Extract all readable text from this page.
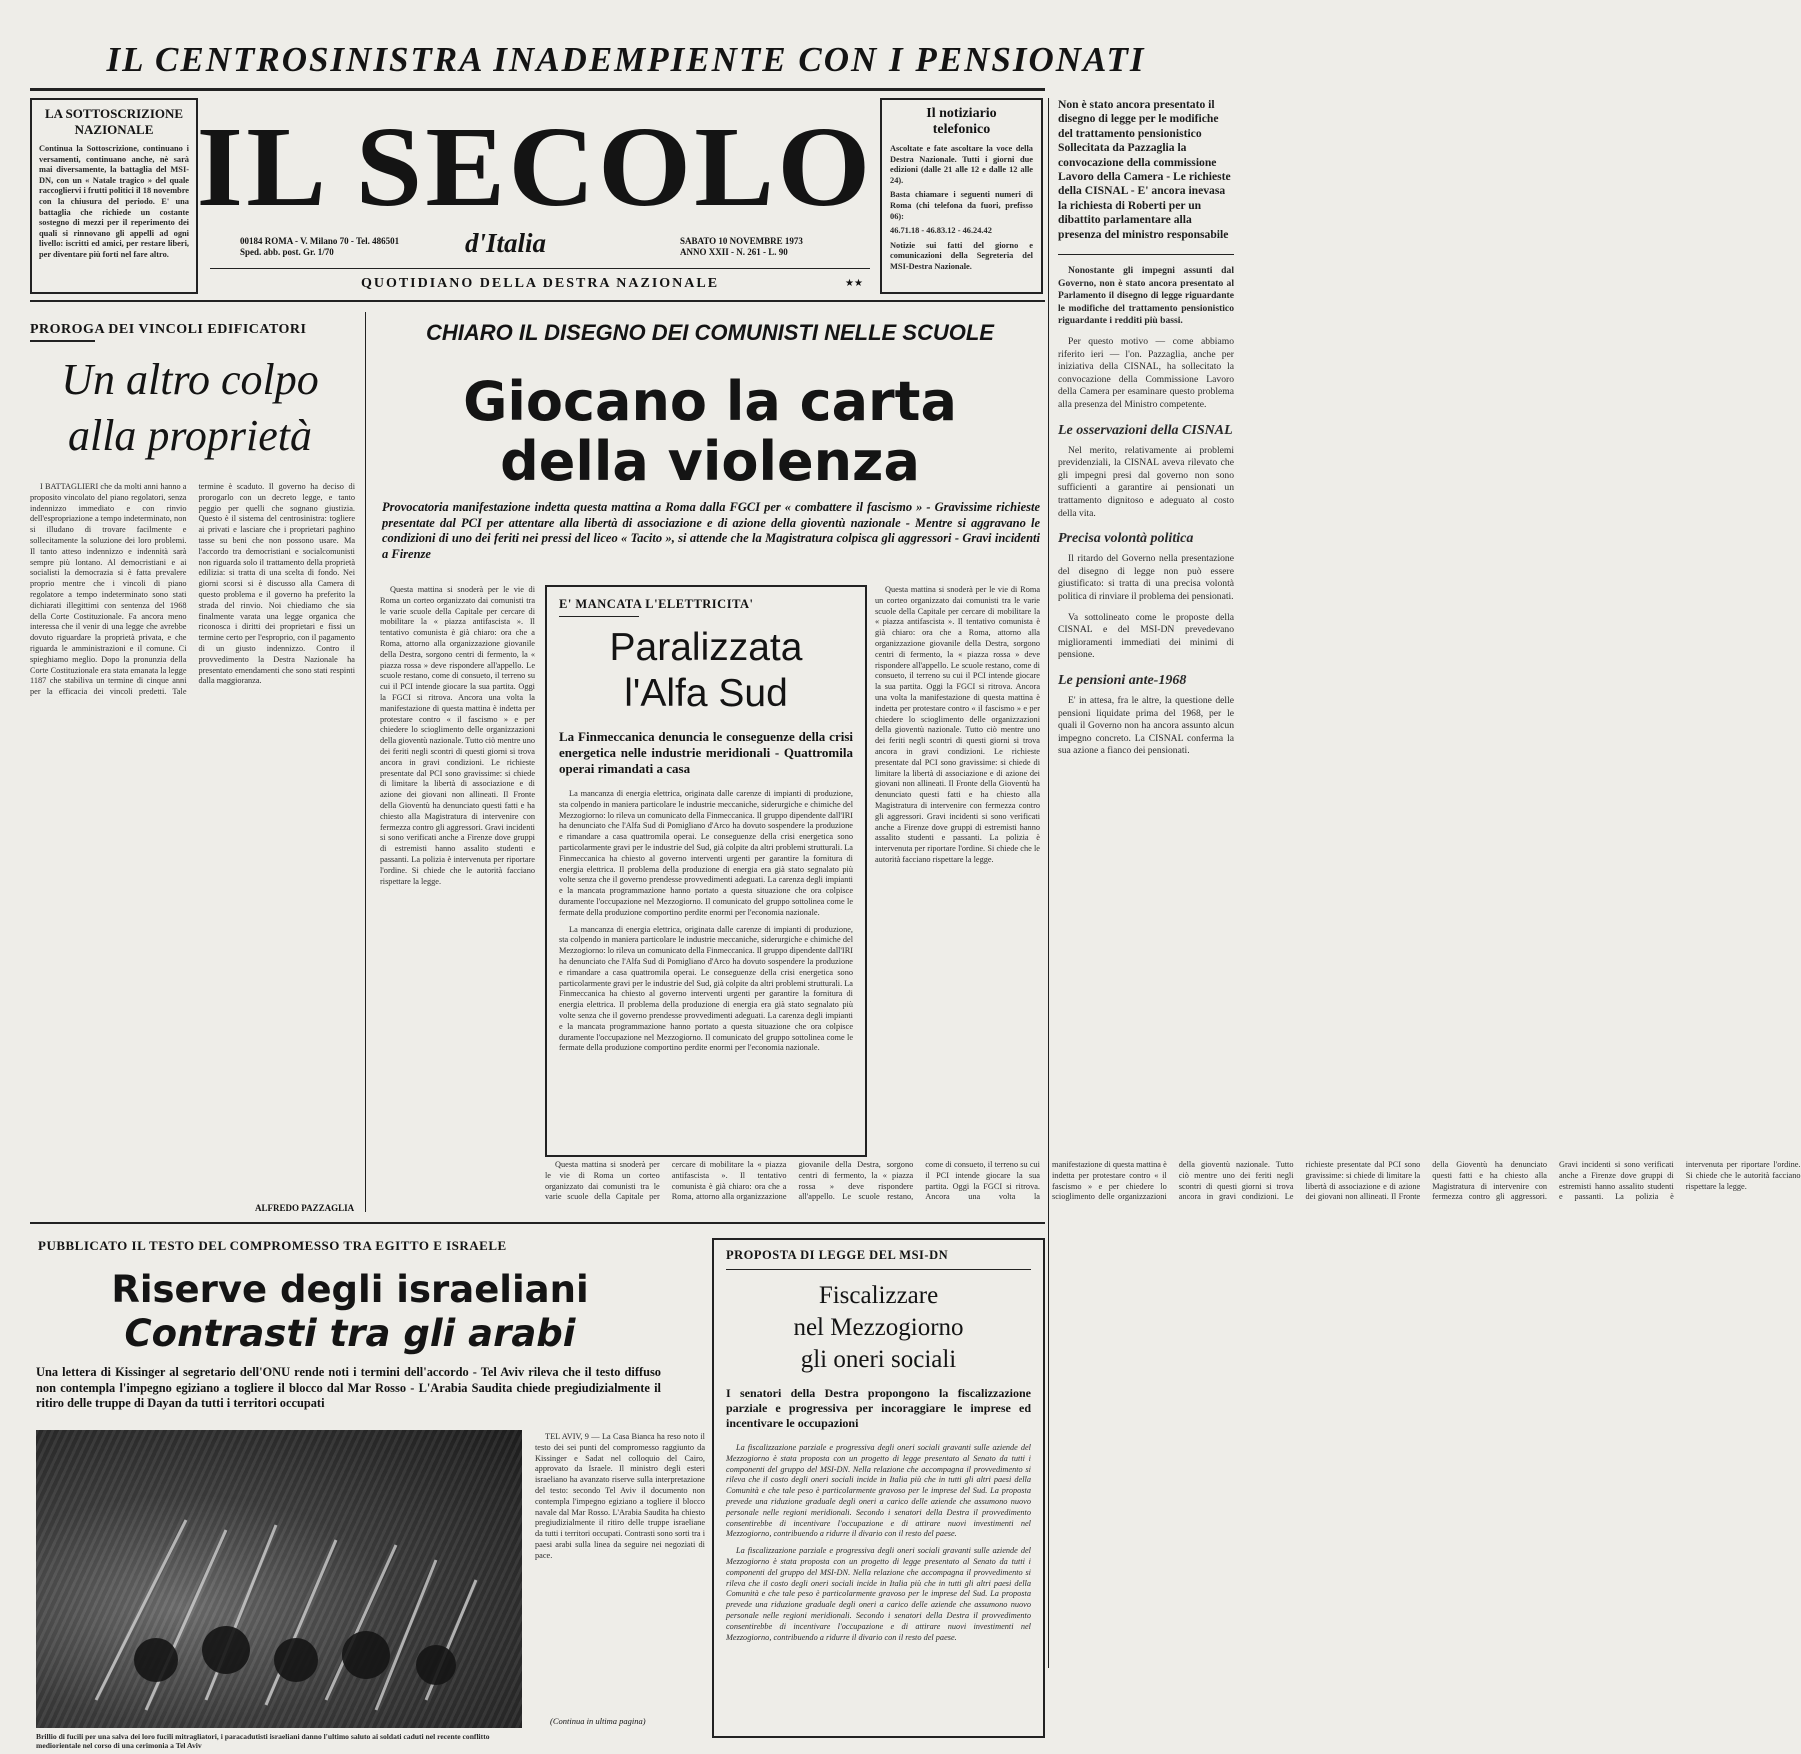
IL CENTROSINISTRA INADEMPIENTE CON I PENSIONATI
LA SOTTOSCRIZIONE
NAZIONALE
Continua la Sottoscrizione, continuano i versamenti, continuano anche, nè sarà mai diversamente, la battaglia del MSI-DN, con un « Natale tragico » del quale raccogliervi i frutti politici il 18 novembre con la chiusura del periodo. E' una battaglia che richiede un costante sostegno di mezzi per il reperimento dei quali si rinnovano gli appelli ad ogni livello: iscritti ed amici, per restare liberi, per diventare più forti nel fare altro.
IL SECOLO
00184 ROMA - V. Milano 70 - Tel. 486501
Sped. abb. post. Gr. 1/70	d'Italia	SABATO 10 NOVEMBRE 1973
ANNO XXII - N. 261 - L. 90
QUOTIDIANO DELLA DESTRA NAZIONALE	★★
Il notiziario
telefonico
Ascoltate e fate ascoltare la voce della Destra Nazionale. Tutti i giorni due edizioni (dalle 21 alle 12 e dalle 12 alle 24).
Basta chiamare i seguenti numeri di Roma (chi telefona da fuori, prefisso 06):
46.71.18 - 46.83.12 - 46.24.42
Notizie sui fatti del giorno e comunicazioni della Segreteria del MSI-Destra Nazionale.
Non è stato ancora presentato il disegno di legge per le modifiche del trattamento pensionistico Sollecitata da Pazzaglia la convocazione della commissione Lavoro della Camera - Le richieste della CISNAL - E' ancora inevasa la richiesta di Roberti per un dibattito parlamentare alla presenza del ministro responsabile

Nonostante gli impegni assunti dal Governo, non è stato ancora presentato al Parlamento il disegno di legge riguardante le modifiche del trattamento pensionistico riguardante i redditi più bassi.

Per questo motivo — come abbiamo riferito ieri — l'on. Pazzaglia, anche per iniziativa della CISNAL, ha sollecitato la convocazione della Commissione Lavoro della Camera per esaminare questo problema alla presenza del Ministro competente.

Le osservazioni della CISNAL

Nel merito, relativamente ai problemi previdenziali, la CISNAL aveva rilevato che gli impegni presi dal governo non sono sufficienti a garantire ai pensionati un trattamento dignitoso e adeguato al costo della vita.

Precisa volontà politica

Il ritardo del Governo nella presentazione del disegno di legge non può essere giustificato: si tratta di una precisa volontà politica di rinviare il problema dei pensionati.

Va sottolineato come le proposte della CISNAL e del MSI-DN prevedevano miglioramenti immediati dei minimi di pensione.

Le pensioni ante-1968

E' in attesa, fra le altre, la questione delle pensioni liquidate prima del 1968, per le quali il Governo non ha ancora assunto alcun impegno concreto. La CISNAL conferma la sua azione a fianco dei pensionati.

PROROGA DEI VINCOLI EDIFICATORI
Un altro colpo
alla proprietà

I BATTAGLIERI che da molti anni hanno a proposito vincolato del piano regolatori, senza indennizzo immediato e con rinvio dell'espropriazione a tempo indeterminato, non si illudano di trovare facilmente e sollecitamente la soluzione dei loro problemi. Il tanto atteso indennizzo e indennità sarà sempre più lontano. Al democristiani e ai socialisti la democrazia si è fatta prevalere proprio mentre che i vincoli di piano regolatore a tempo indeterminato sono stati dichiarati illegittimi con sentenza del 1968 della Corte Costituzionale. Fa ancora meno interessa che il venir di una legge che avrebbe dovuto riguardare la proprietà privata, e che riguarda le amministrazioni e il comune. Ci spieghiamo meglio. Dopo la pronunzia della Corte Costituzionale era stata emanata la legge 1187 che stabiliva un termine di cinque anni per la efficacia dei vincoli predetti. Tale termine è scaduto. Il governo ha deciso di prorogarlo con un decreto legge, e tanto peggio per quelli che sognano giustizia. Questo è il sistema del centrosinistra: togliere ai privati e lasciare che i proprietari paghino tasse su beni che non possono usare. Ma l'accordo tra democristiani e socialcomunisti non riguarda solo il trattamento della proprietà edilizia: si tratta di una scelta di fondo. Nei giorni scorsi si è discusso alla Camera di questo problema e il governo ha preferito la strada del rinvio. Noi chiediamo che sia finalmente varata una legge organica che riconosca i diritti dei proprietari e fissi un termine certo per l'esproprio, con il pagamento di un giusto indennizzo. Contro il provvedimento la Destra Nazionale ha presentato emendamenti che sono stati respinti dalla maggioranza.

ALFREDO PAZZAGLIA
CHIARO IL DISEGNO DEI COMUNISTI NELLE SCUOLE
Giocano la carta
della violenza
Provocatoria manifestazione indetta questa mattina a Roma dalla FGCI per « combattere il fascismo » - Gravissime richieste presentate dal PCI per attentare alla libertà di associazione e di azione della gioventù nazionale - Mentre si aggravano le condizioni di uno dei feriti nei pressi del liceo « Tacito », si attende che la Magistratura colpisca gli aggressori - Gravi incidenti a Firenze

Questa mattina si snoderà per le vie di Roma un corteo organizzato dai comunisti tra le varie scuole della Capitale per cercare di mobilitare la « piazza antifascista ». Il tentativo comunista è già chiaro: ora che a Roma, attorno alla organizzazione giovanile della Destra, sorgono centri di fermento, la « piazza rossa » deve rispondere all'appello. Le scuole restano, come di consueto, il terreno su cui il PCI intende giocare la sua partita. Oggi la FGCI si ritrova. Ancora una volta la manifestazione di questa mattina è indetta per protestare contro « il fascismo » e per chiedere lo scioglimento delle organizzazioni della gioventù nazionale. Tutto ciò mentre uno dei feriti negli scontri di questi giorni si trova ancora in gravi condizioni. Le richieste presentate dal PCI sono gravissime: si chiede di limitare la libertà di associazione e di azione dei giovani non allineati. Il Fronte della Gioventù ha denunciato questi fatti e ha chiesto alla Magistratura di intervenire con fermezza contro gli aggressori. Gravi incidenti si sono verificati anche a Firenze dove gruppi di estremisti hanno assalito studenti e passanti. La polizia è intervenuta per riportare l'ordine. Si chiede che le autorità facciano rispettare la legge.

Questa mattina si snoderà per le vie di Roma un corteo organizzato dai comunisti tra le varie scuole della Capitale per cercare di mobilitare la « piazza antifascista ». Il tentativo comunista è già chiaro: ora che a Roma, attorno alla organizzazione giovanile della Destra, sorgono centri di fermento, la « piazza rossa » deve rispondere all'appello. Le scuole restano, come di consueto, il terreno su cui il PCI intende giocare la sua partita. Oggi la FGCI si ritrova. Ancora una volta la manifestazione di questa mattina è indetta per protestare contro « il fascismo » e per chiedere lo scioglimento delle organizzazioni della gioventù nazionale. Tutto ciò mentre uno dei feriti negli scontri di questi giorni si trova ancora in gravi condizioni. Le richieste presentate dal PCI sono gravissime: si chiede di limitare la libertà di associazione e di azione dei giovani non allineati. Il Fronte della Gioventù ha denunciato questi fatti e ha chiesto alla Magistratura di intervenire con fermezza contro gli aggressori. Gravi incidenti si sono verificati anche a Firenze dove gruppi di estremisti hanno assalito studenti e passanti. La polizia è intervenuta per riportare l'ordine. Si chiede che le autorità facciano rispettare la legge.

Questa mattina si snoderà per le vie di Roma un corteo organizzato dai comunisti tra le varie scuole della Capitale per cercare di mobilitare la « piazza antifascista ». Il tentativo comunista è già chiaro: ora che a Roma, attorno alla organizzazione giovanile della Destra, sorgono centri di fermento, la « piazza rossa » deve rispondere all'appello. Le scuole restano, come di consueto, il terreno su cui il PCI intende giocare la sua partita. Oggi la FGCI si ritrova. Ancora una volta la manifestazione di questa mattina è indetta per protestare contro « il fascismo » e per chiedere lo scioglimento delle organizzazioni della gioventù nazionale. Tutto ciò mentre uno dei feriti negli scontri di questi giorni si trova ancora in gravi condizioni. Le richieste presentate dal PCI sono gravissime: si chiede di limitare la libertà di associazione e di azione dei giovani non allineati. Il Fronte della Gioventù ha denunciato questi fatti e ha chiesto alla Magistratura di intervenire con fermezza contro gli aggressori. Gravi incidenti si sono verificati anche a Firenze dove gruppi di estremisti hanno assalito studenti e passanti. La polizia è intervenuta per riportare l'ordine. Si chiede che le autorità facciano rispettare la legge.

E' MANCATA L'ELETTRICITA'
Paralizzata
l'Alfa Sud
La Finmeccanica denuncia le conseguenze della crisi energetica nelle industrie meridionali - Quattromila operai rimandati a casa

La mancanza di energia elettrica, originata dalle carenze di impianti di produzione, sta colpendo in maniera particolare le industrie meccaniche, siderurgiche e chimiche del Mezzogiorno: lo rileva un comunicato della Finmeccanica. Il gruppo dipendente dall'IRI ha denunciato che l'Alfa Sud di Pomigliano d'Arco ha dovuto sospendere la produzione e rimandare a casa quattromila operai. Le conseguenze della crisi energetica sono particolarmente gravi per le industrie del Sud, già colpite da altri problemi strutturali. La Finmeccanica ha chiesto al governo interventi urgenti per garantire la fornitura di energia elettrica. Il problema della produzione di energia era già stato segnalato più volte senza che il governo prendesse provvedimenti adeguati. La carenza degli impianti e la mancata programmazione hanno portato a questa situazione che ora colpisce duramente l'occupazione nel Mezzogiorno. Il comunicato del gruppo sottolinea come le fermate della produzione comportino perdite enormi per l'economia nazionale.

La mancanza di energia elettrica, originata dalle carenze di impianti di produzione, sta colpendo in maniera particolare le industrie meccaniche, siderurgiche e chimiche del Mezzogiorno: lo rileva un comunicato della Finmeccanica. Il gruppo dipendente dall'IRI ha denunciato che l'Alfa Sud di Pomigliano d'Arco ha dovuto sospendere la produzione e rimandare a casa quattromila operai. Le conseguenze della crisi energetica sono particolarmente gravi per le industrie del Sud, già colpite da altri problemi strutturali. La Finmeccanica ha chiesto al governo interventi urgenti per garantire la fornitura di energia elettrica. Il problema della produzione di energia era già stato segnalato più volte senza che il governo prendesse provvedimenti adeguati. La carenza degli impianti e la mancata programmazione hanno portato a questa situazione che ora colpisce duramente l'occupazione nel Mezzogiorno. Il comunicato del gruppo sottolinea come le fermate della produzione comportino perdite enormi per l'economia nazionale.

PUBBLICATO IL TESTO DEL COMPROMESSO TRA EGITTO E ISRAELE
Riserve degli israeliani
Contrasti tra gli arabi
Una lettera di Kissinger al segretario dell'ONU rende noti i termini dell'accordo - Tel Aviv rileva che il testo diffuso non contempla l'impegno egiziano a togliere il blocco dal Mar Rosso - L'Arabia Saudita chiede pregiudizialmente il ritiro delle truppe di Dayan da tutti i territori occupati
Brillio di fucili per una salva dei loro fucili mitragliatori, i paracadutisti israeliani danno l'ultimo saluto ai soldati caduti nel recente conflitto mediorientale nel corso di una cerimonia a Tel Aviv

TEL AVIV, 9 — La Casa Bianca ha reso noto il testo dei sei punti del compromesso raggiunto da Kissinger e Sadat nel colloquio del Cairo, approvato da Israele. Il ministro degli esteri israeliano ha avanzato riserve sulla interpretazione del testo: secondo Tel Aviv il documento non contempla l'impegno egiziano a togliere il blocco navale dal Mar Rosso. L'Arabia Saudita ha chiesto pregiudizialmente il ritiro delle truppe israeliane da tutti i territori occupati. Contrasti sono sorti tra i paesi arabi sulla linea da seguire nei negoziati di pace.

(Continua in ultima pagina)
PROPOSTA DI LEGGE DEL MSI-DN
Fiscalizzare
nel Mezzogiorno
gli oneri sociali
I senatori della Destra propongono la fiscalizzazione parziale e progressiva per incoraggiare le imprese ed incentivare le occupazioni

La fiscalizzazione parziale e progressiva degli oneri sociali gravanti sulle aziende del Mezzogiorno è stata proposta con un progetto di legge presentato al Senato da tutti i componenti del gruppo del MSI-DN. Nella relazione che accompagna il provvedimento si rileva che il costo degli oneri sociali incide in Italia più che in tutti gli altri paesi della Comunità e che tale peso è particolarmente gravoso per le imprese del Sud. La proposta prevede una riduzione graduale degli oneri a carico delle aziende che assumono nuovo personale nelle regioni meridionali. Secondo i senatori della Destra il provvedimento consentirebbe di incentivare l'occupazione e di attirare nuovi investimenti nel Mezzogiorno, contribuendo a ridurre il divario con il resto del paese.

La fiscalizzazione parziale e progressiva degli oneri sociali gravanti sulle aziende del Mezzogiorno è stata proposta con un progetto di legge presentato al Senato da tutti i componenti del gruppo del MSI-DN. Nella relazione che accompagna il provvedimento si rileva che il costo degli oneri sociali incide in Italia più che in tutti gli altri paesi della Comunità e che tale peso è particolarmente gravoso per le imprese del Sud. La proposta prevede una riduzione graduale degli oneri a carico delle aziende che assumono nuovo personale nelle regioni meridionali. Secondo i senatori della Destra il provvedimento consentirebbe di incentivare l'occupazione e di attirare nuovi investimenti nel Mezzogiorno, contribuendo a ridurre il divario con il resto del paese.
